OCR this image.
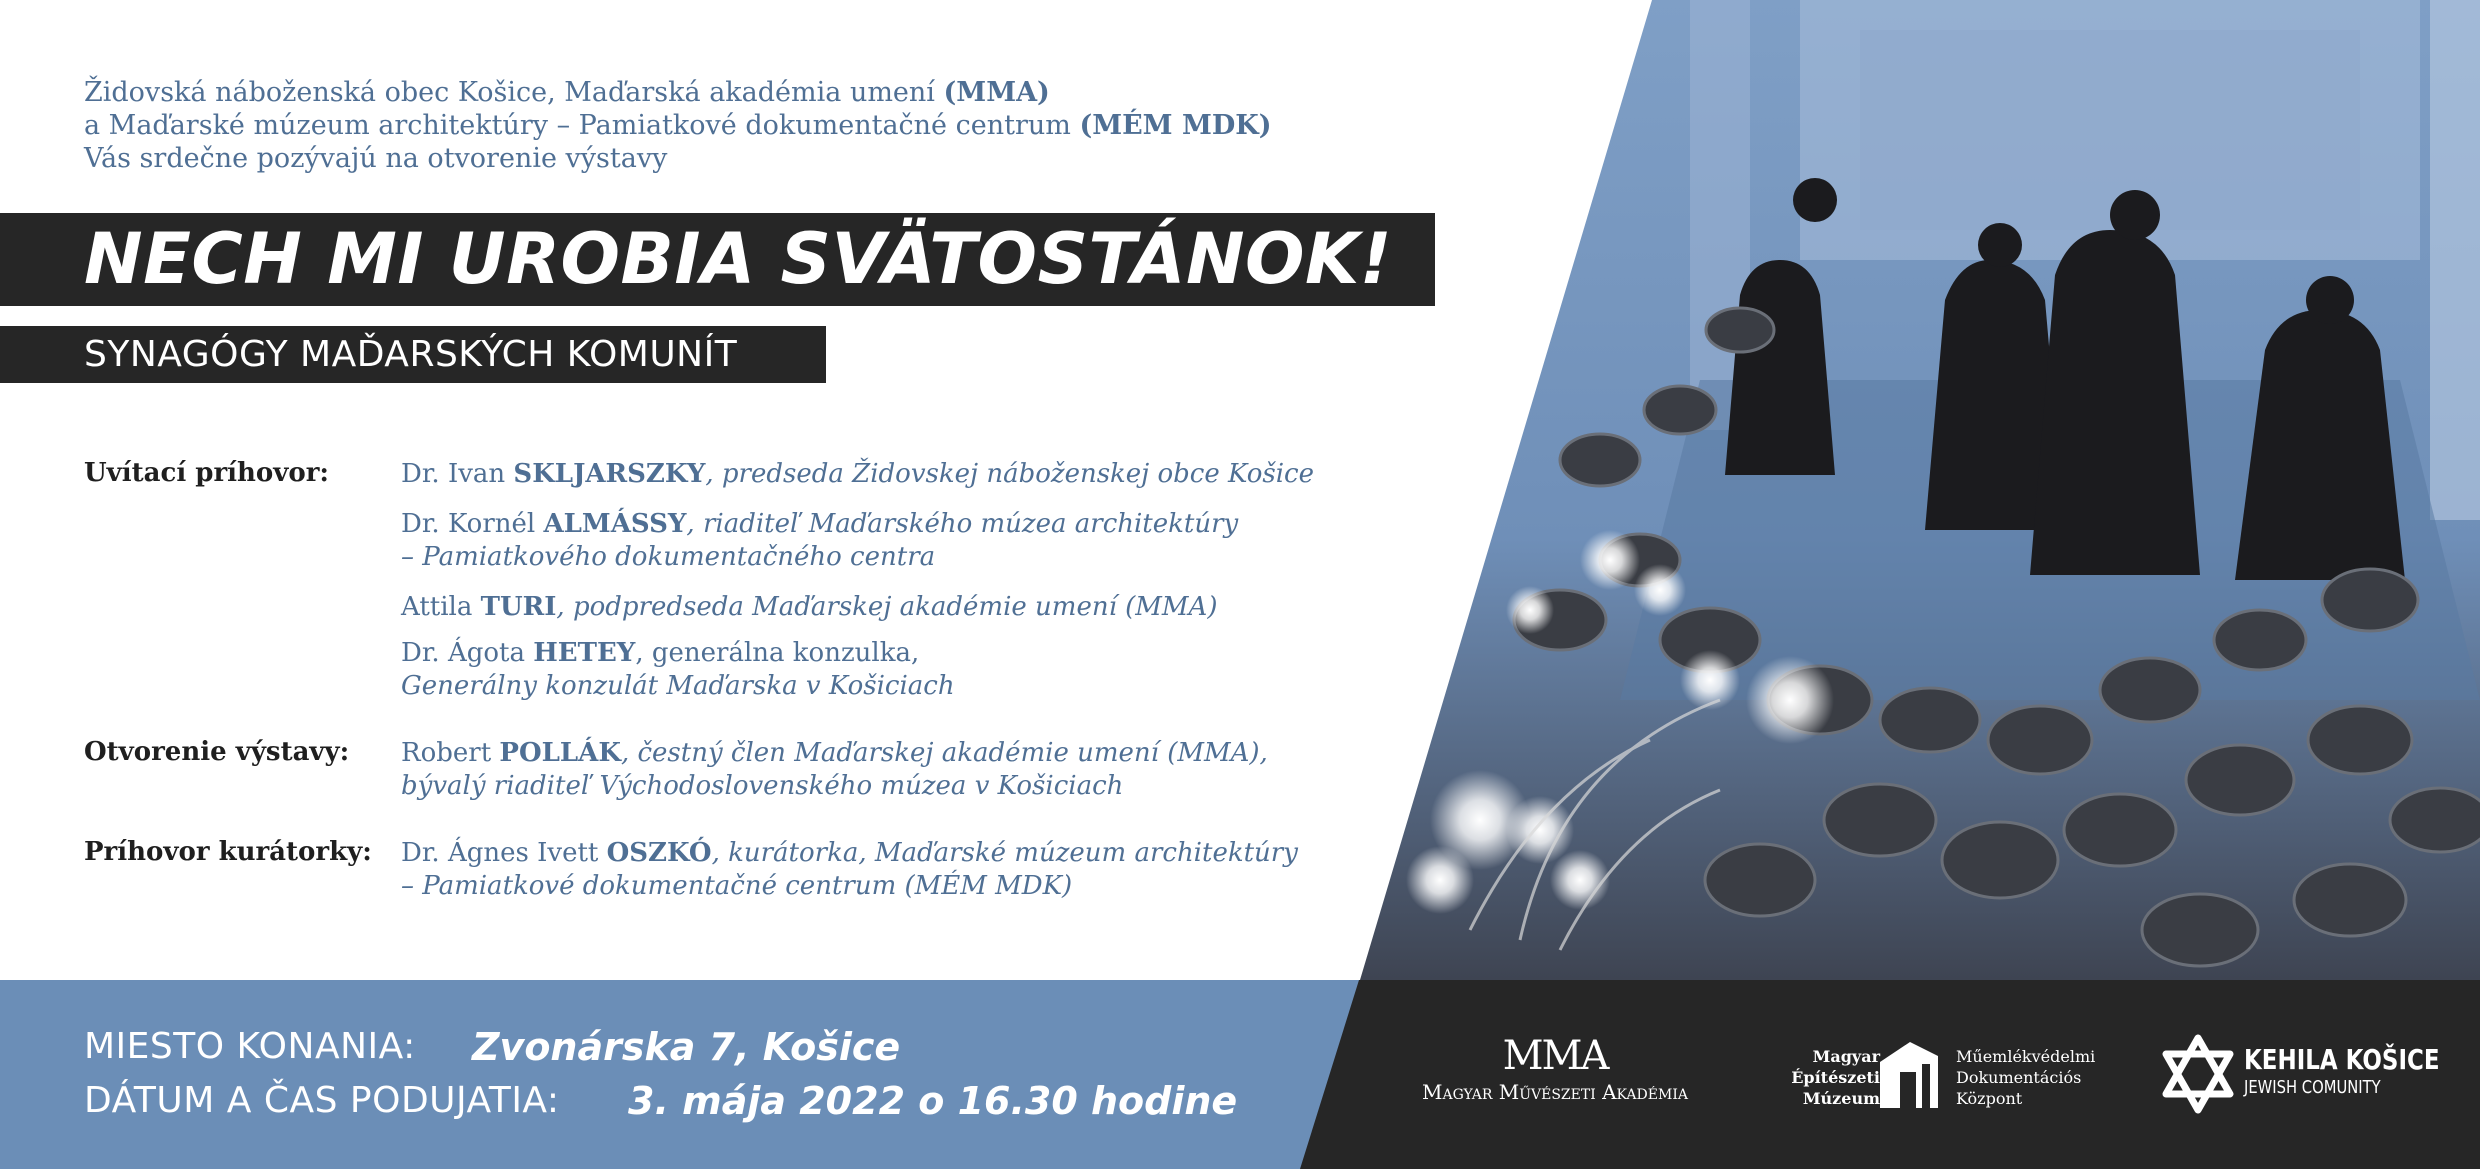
Židovská náboženská obec Košice, Maďarská akadémia umení (MMA)
a Maďarské múzeum architektúry – Pamiatkové dokumentačné centrum (MÉM MDK)
Vás srdečne pozývajú na otvorenie výstavy
NECH MI UROBIA SVÄTOSTÁNOK!
SYNAGÓGY MAĎARSKÝCH KOMUNÍT
Uvítací príhovor:	Dr. Ivan SKLJARSZKY, predseda Židovskej náboženskej obce Košice
Dr. Kornél ALMÁSSY, riaditeľ Maďarského múzea architektúry
– Pamiatkového dokumentačného centra
Attila TURI, podpredseda Maďarskej akadémie umení (MMA)
Dr. Ágota HETEY, generálna konzulka,
Generálny konzulát Maďarska v Košiciach
Otvorenie výstavy: Robert POLLÁK, čestný člen Maďarskej akadémie umení (MMA),
bývalý riaditeľ Východoslovenského múzea v Košiciach
Príhovor kurátorky: Dr. Ágnes Ivett OSZKÓ, kurátorka, Maďarské múzeum architektúry
– Pamiatkové dokumentačné centrum (MÉM MDK)
MIESTO KONANIA: Zvonárska 7, Košice
DÁTUM A ČAS PODUJATIA: 3. mája 2022 o 16.30 hodine
MMA
Magyar Művészeti Akadémia
Magyar
Építészeti
Múzeum
Műemlékvédelmi
Dokumentációs
Központ
KEHILA KOŠICE
JEWISH COMUNITY
